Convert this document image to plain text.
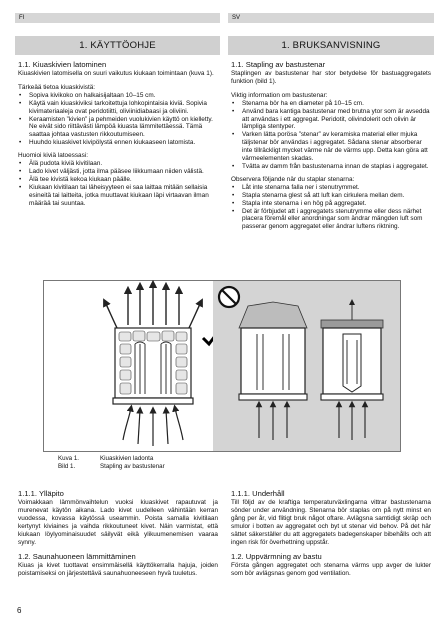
FI	SV
1. KÄYTTÖOHJE	1. BRUKSANVISNING
1.1. Kiuaskivien latominen
Kiuaskivien latomisella on suuri vaikutus kiukaan toimintaan (kuva 1).
Tärkeää tietoa kiuaskivistä:
• Sopiva kivikoko on halkaisijaltaan 10–15 cm.
• Käytä vain kiuaskiviksi tarkoitettuja lohkopintaisia kiviä. Sopivia kivimateriaaleja ovat peridotiitti, oliviinidiabaasi ja oliviini.
• Keraamisten ”kivien” ja pehmeiden vuolukivien käyttö on kielletty. Ne eivät sido riittävästi lämpöä kiuasta lämmitettäessä. Tämä saattaa johtaa vastusten rikkoutumiseen.
• Huuhdo kiuaskivet kivipölystä ennen kiukaaseen latomista.
Huomioi kiviä latoessasi:
• Älä pudota kiviä kivitilaan.
• Lado kivet väljästi, jotta ilma pääsee liikkumaan niiden välistä.
• Älä tee kivistä kekoa kiukaan päälle.
• Kiukaan kivitilaan tai läheisyyteen ei saa laittaa mitään sellaisia esineitä tai laitteita, jotka muuttavat kiukaan läpi virtaavan ilman määrää tai suuntaa.
1.1. Stapling av bastustenar
Staplingen av bastustenar har stor betydelse för bastuaggregatets funktion (bild 1).
Viktig information om bastustenar:
• Stenarna bör ha en diameter på 10–15 cm.
• Använd bara kantiga bastustenar med brutna ytor som är avsedda att användas i ett aggregat. Peridotit, olivindolerit och olivin är lämpliga stentyper.
• Varken lätta porösa ”stenar” av keramiska material eller mjuka täljstenar bör användas i aggregatet. Sådana stenar absorberar inte tillräckligt mycket värme när de värms upp. Detta kan göra att värmeelementen skadas.
• Tvätta av damm från bastustenarna innan de staplas i aggregatet.
Observera följande när du staplar stenarna:
• Låt inte stenarna falla ner i stenutrymmet.
• Stapla stenarna glest så att luft kan cirkulera mellan dem.
• Stapla inte stenarna i en hög på aggregatet.
• Det är förbjudet att i aggregatets stenutrymme eller dess närhet placera föremål eller anordningar som ändrar mängden luft som passerar genom aggregatet eller ändrar luftens riktning.
Kuva 1.	Kiuaskivien ladonta
Bild 1.	Stapling av bastustenar
1.1.1. Ylläpito
Voimakkaan lämmönvaihtelun vuoksi kiuaskivet rapautuvat ja murenevat käytön aikana. Lado kivet uudelleen vähintään kerran vuodessa, kovassa käytössä useammin. Poista samalla kivitilaan kertynyt kiviaines ja vaihda rikkoutuneet kivet. Näin varmistat, että kiukaan löylyominaisuudet säilyvät eikä ylikuumenemisen vaaraa synny.
1.2. Saunahuoneen lämmittäminen
Kiuas ja kivet tuottavat ensimmäisellä käyttökerralla hajuja, joiden poistamiseksi on järjestettävä saunahuoneeseen hyvä tuuletus.
1.1.1. Underhåll
Till följd av de kraftiga temperaturväxlingarna vittrar bastustenarna sönder under användning. Stenarna bör staplas om på nytt minst en gång per år, vid flitigt bruk något oftare. Avlägsna samtidigt skräp och smulor i botten av aggregatet och byt ut stenar vid behov. På det här sättet säkerställer du att aggregatets badegenskaper bibehålls och att ingen risk för överhettning uppstår.
1.2. Uppvärmning av bastu
Första gången aggregatet och stenarna värms upp avger de lukter som bör avlägsnas genom god ventilation.
6
